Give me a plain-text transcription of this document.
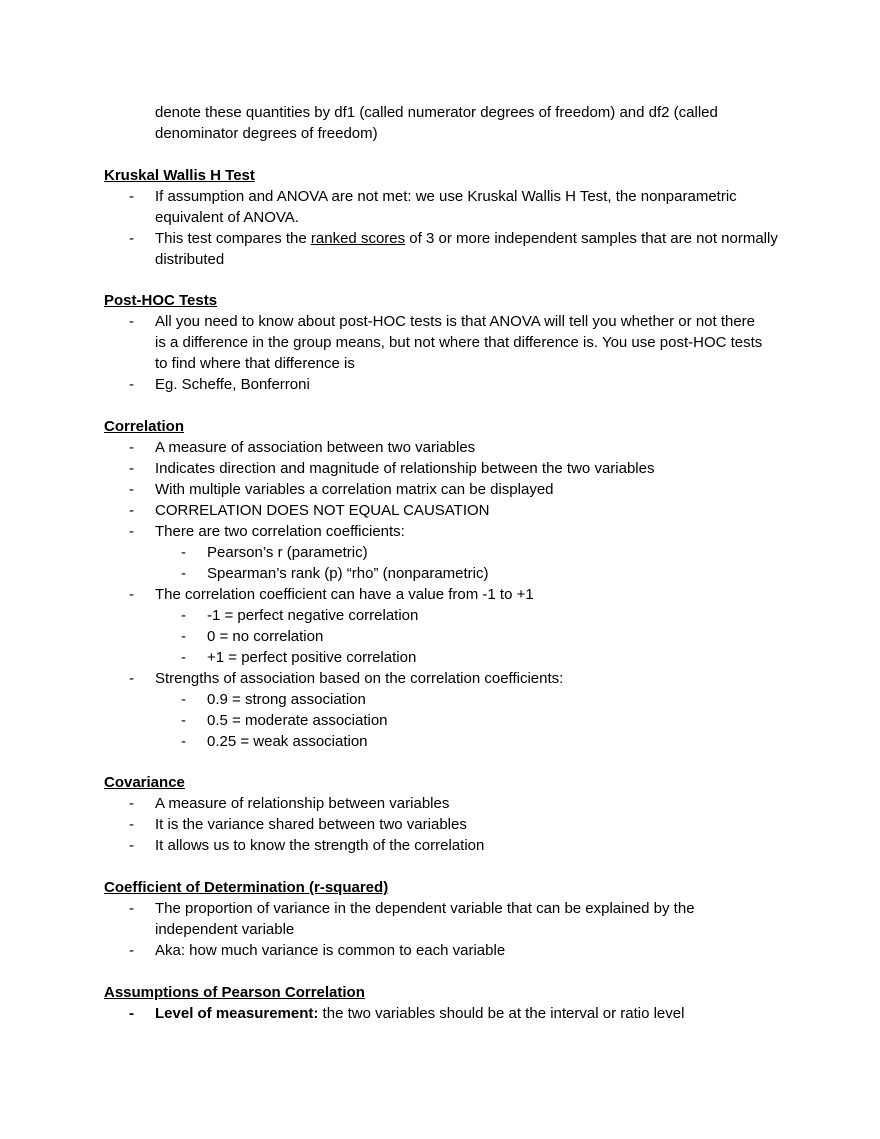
denote these quantities by df1 (called numerator degrees of freedom) and df2 (called
denominator degrees of freedom)
Kruskal Wallis H Test
-	If assumption and ANOVA are not met: we use Kruskal Wallis H Test, the nonparametric equivalent of ANOVA.
-	This test compares the ranked scores of 3 or more independent samples that are not normally distributed
Post-HOC Tests
-	All you need to know about post-HOC tests is that ANOVA will tell you whether or not there is a difference in the group means, but not where that difference is. You use post-HOC tests to find where that difference is
-	Eg. Scheffe, Bonferroni
Correlation
-	A measure of association between two variables
-	Indicates direction and magnitude of relationship between the two variables
-	With multiple variables a correlation matrix can be displayed
-	CORRELATION DOES NOT EQUAL CAUSATION
-	There are two correlation coefficients:
-	Pearson’s r (parametric)
-	Spearman’s rank (p) “rho” (nonparametric)
-	The correlation coefficient can have a value from -1 to +1
-	-1 = perfect negative correlation
-	0 = no correlation
-	+1 = perfect positive correlation
-	Strengths of association based on the correlation coefficients:
-	0.9 = strong association
-	0.5 = moderate association
-	0.25 = weak association
Covariance
-	A measure of relationship between variables
-	It is the variance shared between two variables
-	It allows us to know the strength of the correlation
Coefficient of Determination (r-squared)
-	The proportion of variance in the dependent variable that can be explained by the independent variable
-	Aka: how much variance is common to each variable
Assumptions of Pearson Correlation
-	Level of measurement: the two variables should be at the interval or ratio level
